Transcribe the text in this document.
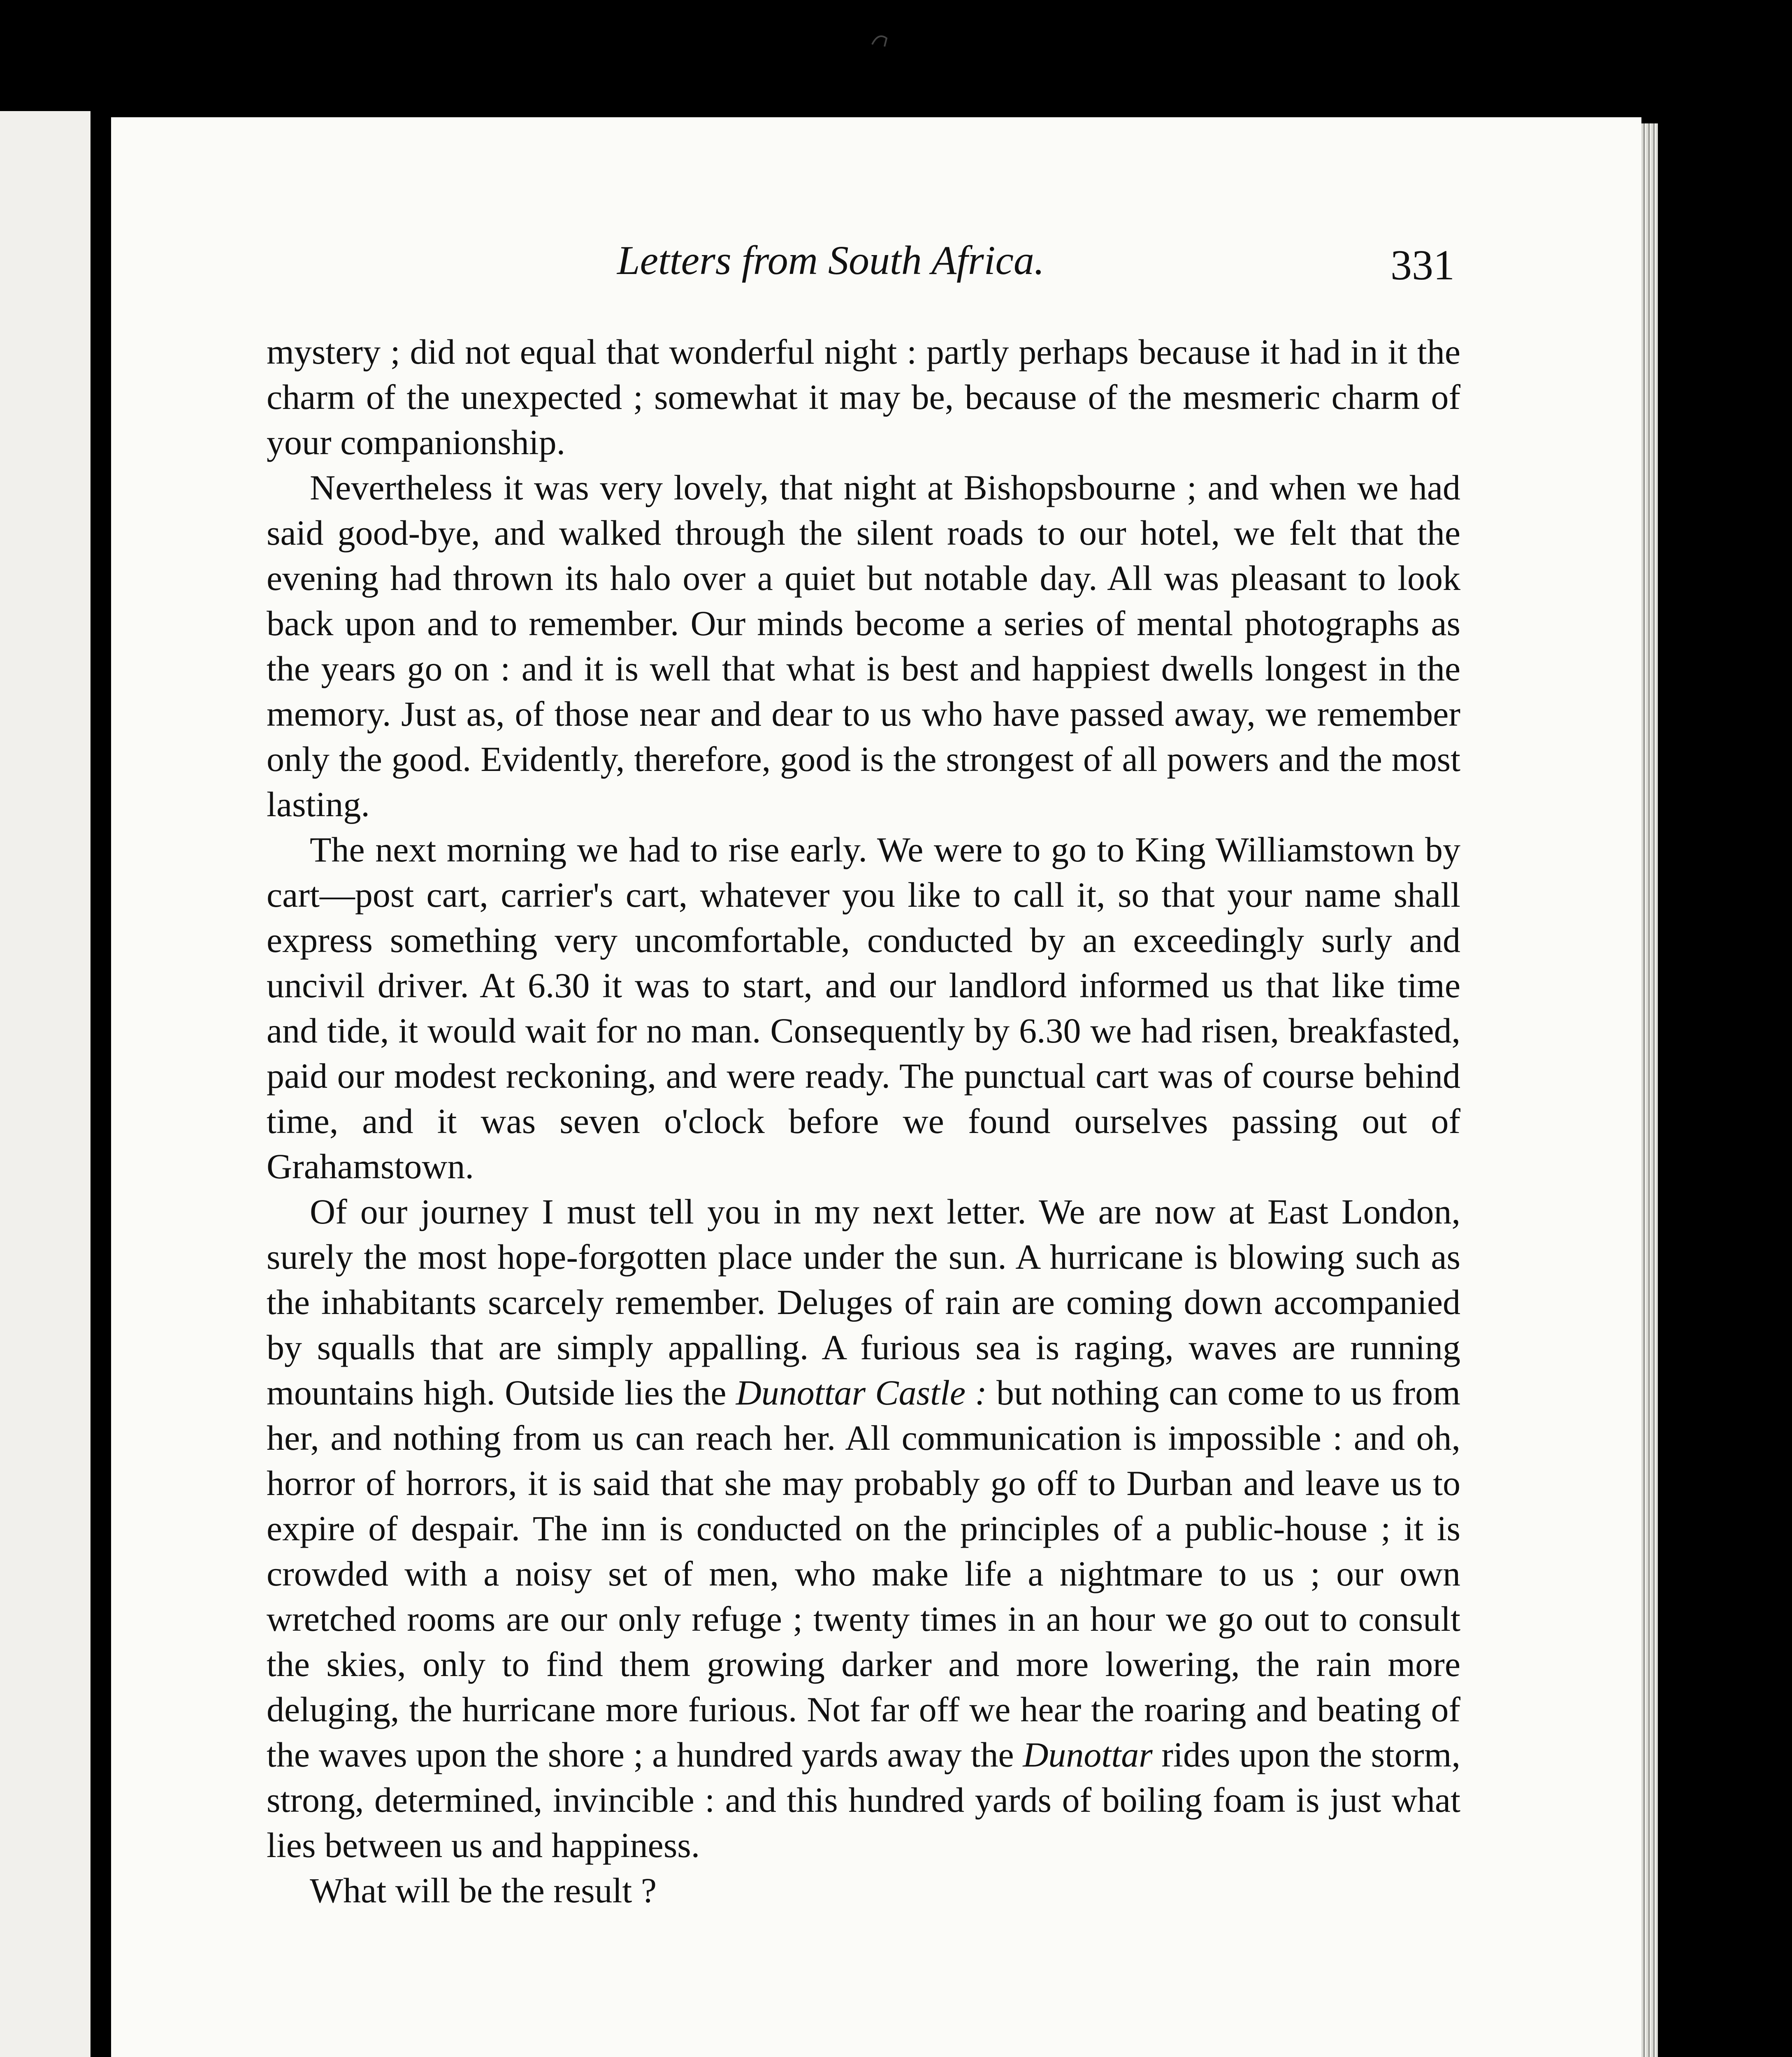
Letters from South Africa.	331

mystery ; did not equal that wonderful night : partly perhaps because it had in it the charm of the unexpected ; somewhat it may be, because of the mesmeric charm of your companionship.

Nevertheless it was very lovely, that night at Bishopsbourne ; and when we had said good-bye, and walked through the silent roads to our hotel, we felt that the evening had thrown its halo over a quiet but notable day. All was pleasant to look back upon and to remember. Our minds become a series of mental photographs as the years go on : and it is well that what is best and happiest dwells longest in the memory. Just as, of those near and dear to us who have passed away, we remember only the good. Evidently, therefore, good is the strongest of all powers and the most lasting.

The next morning we had to rise early. We were to go to King Williamstown by cart—post cart, carrier's cart, whatever you like to call it, so that your name shall express something very uncomfortable, conducted by an exceedingly surly and uncivil driver. At 6.30 it was to start, and our landlord informed us that like time and tide, it would wait for no man. Consequently by 6.30 we had risen, breakfasted, paid our modest reckoning, and were ready. The punctual cart was of course behind time, and it was seven o'clock before we found ourselves passing out of Grahamstown.

Of our journey I must tell you in my next letter. We are now at East London, surely the most hope-forgotten place under the sun. A hurricane is blowing such as the inhabitants scarcely remember. Deluges of rain are coming down accompanied by squalls that are simply appalling. A furious sea is raging, waves are running mountains high. Outside lies the Dunottar Castle : but nothing can come to us from her, and nothing from us can reach her. All communication is impossible : and oh, horror of horrors, it is said that she may probably go off to Durban and leave us to expire of despair. The inn is conducted on the principles of a public-house ; it is crowded with a noisy set of men, who make life a nightmare to us ; our own wretched rooms are our only refuge ; twenty times in an hour we go out to consult the skies, only to find them growing darker and more lowering, the rain more deluging, the hurricane more furious. Not far off we hear the roaring and beating of the waves upon the shore ; a hundred yards away the Dunottar rides upon the storm, strong, determined, invincible : and this hundred yards of boiling foam is just what lies between us and happiness.

What will be the result ?
